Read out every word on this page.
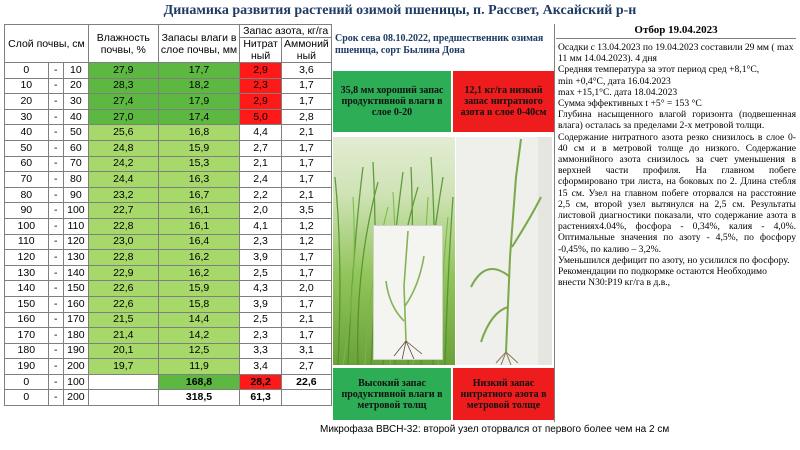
Динамика развития растений озимой пшеницы, п. Рассвет, Аксайский р-н
Слой почвы, см			Влажность почвы, %	Запасы влаги в слое почвы, мм	Запас азота, кг/га	
					Нитрат ный	Аммоний ный
0	-	10	27,9	17,7	2,9	3,6
10	-	20	28,3	18,2	2,3	1,7
20	-	30	27,4	17,9	2,9	1,7
30	-	40	27,0	17,4	5,0	2,8
40	-	50	25,6	16,8	4,4	2,1
50	-	60	24,8	15,9	2,7	1,7
60	-	70	24,2	15,3	2,1	1,7
70	-	80	24,4	16,3	2,4	1,7
80	-	90	23,2	16,7	2,2	2,1
90	-	100	22,7	16,1	2,0	3,5
100	-	110	22,8	16,1	4,1	1,2
110	-	120	23,0	16,4	2,3	1,2
120	-	130	22,8	16,2	3,9	1,7
130	-	140	22,9	16,2	2,5	1,7
140	-	150	22,6	15,9	4,3	2,0
150	-	160	22,6	15,8	3,9	1,7
160	-	170	21,5	14,4	2,5	2,1
170	-	180	21,4	14,2	2,3	1,7
180	-	190	20,1	12,5	3,3	3,1
190	-	200	19,7	11,9	3,4	2,7
0	-	100		168,8	28,2	22,6
0	-	200		318,5	61,3	
Срок сева 08.10.2022, предшественник озимая пшеница, сорт Былина Дона
35,8 мм хороший запас продуктивной влаги в слое 0-20
12,1 кг/га низкий запас нитратного азота в слое 0-40см
Высокий запас продуктивной влаги в метровой толщ
Низкий запас нитратного азота в метровой толще
Микрофаза ВВСН-32: второй узел оторвался от первого более чем на 2 см
Отбор 19.04.2023

Осадки с 13.04.2023 по 19.04.2023 составили 29 мм ( max 11 мм 14.04.2023). 4 дня

Средняя температура за этот период сред +8,1°С,

min +0,4°С, дата 16.04.2023

max +15,1°С. дата 18.04.2023

Сумма эффективных t +5° = 153 °С

Глубина насыщенного влагой горизонта (подвешенная влага) осталась за пределами 2-х метровой толщи.

Содержание нитратного азота резко снизилось в слое 0-40 см и в метровой толще до низкого. Содержание аммонийного азота снизилось за счет уменьшения в верхней части профиля. На главном побеге сформировано три листа, на боковых по 2. Длина стебля 15 см. Узел на главном побеге оторвался на расстояние 2,5 см, второй узел вытянулся на 2,5 см. Результаты листовой диагностики показали, что содержание азота в растениях4.04%, фосфора - 0,34%, калия - 4,0%. Оптимальные значения по азоту - 4,5%, по фосфору -0,45%, по калию – 3,2%.

Уменьшился дефицит по азоту, но усилился по фосфору.

Рекомендации по подкормке остаются Необходимо внести N30:P19 кг/га в д.в.,
